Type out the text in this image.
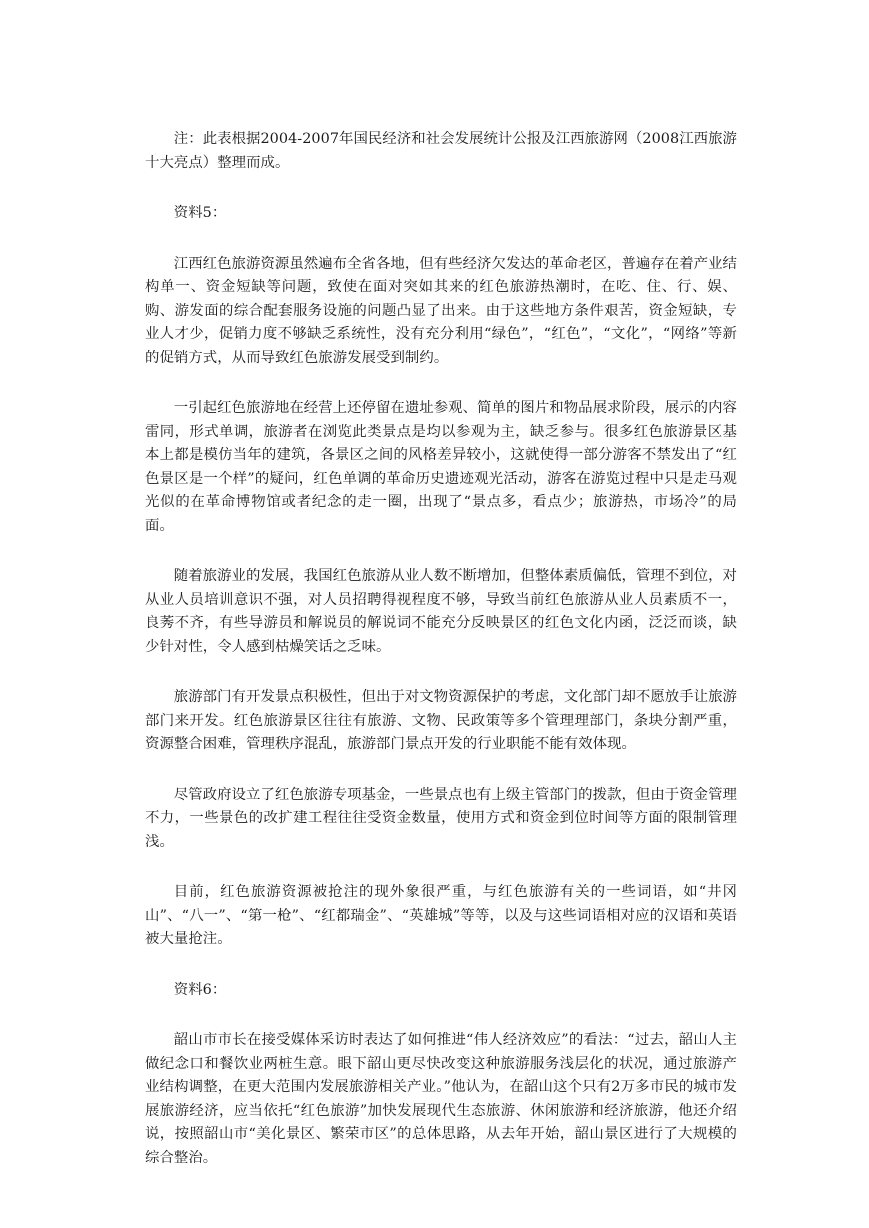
注：此表根据2004-2007年国民经济和社会发展统计公报及江西旅游网（2008江西旅游十大亮点）整理而成。

资料5：

江西红色旅游资源虽然遍布全省各地，但有些经济欠发达的革命老区，普遍存在着产业结构单一、资金短缺等问题，致使在面对突如其来的红色旅游热潮时，在吃、住、行、娱、购、游发面的综合配套服务设施的问题凸显了出来。由于这些地方条件艰苦，资金短缺，专业人才少，促销力度不够缺乏系统性，没有充分利用“绿色”，“红色”，“文化”，“网络”等新的促销方式，从而导致红色旅游发展受到制约。

一引起红色旅游地在经营上还停留在遗址参观、简单的图片和物品展求阶段，展示的内容雷同，形式单调，旅游者在浏览此类景点是均以参观为主，缺乏参与。很多红色旅游景区基本上都是模仿当年的建筑，各景区之间的风格差异较小，这就使得一部分游客不禁发出了“红色景区是一个样”的疑问，红色单调的革命历史遗迹观光活动，游客在游览过程中只是走马观光似的在革命博物馆或者纪念的走一圈，出现了“景点多，看点少；旅游热，市场冷”的局面。

随着旅游业的发展，我国红色旅游从业人数不断增加，但整体素质偏低，管理不到位，对从业人员培训意识不强，对人员招聘得视程度不够，导致当前红色旅游从业人员素质不一，良莠不齐，有些导游员和解说员的解说词不能充分反映景区的红色文化内函，泛泛而谈，缺少针对性，令人感到枯燥笑话之乏味。

旅游部门有开发景点积极性，但出于对文物资源保护的考虑，文化部门却不愿放手让旅游部门来开发。红色旅游景区往往有旅游、文物、民政策等多个管理理部门，条块分割严重，资源整合困难，管理秩序混乱，旅游部门景点开发的行业职能不能有效体现。

尽管政府设立了红色旅游专项基金，一些景点也有上级主管部门的拨款，但由于资金管理不力，一些景色的改扩建工程往往受资金数量，使用方式和资金到位时间等方面的限制管理浅。

目前，红色旅游资源被抢注的现外象很严重，与红色旅游有关的一些词语，如“井冈山”、“八一”、“第一枪”、“红都瑞金”、“英雄城”等等，以及与这些词语相对应的汉语和英语被大量抢注。

资料6：

韶山市市长在接受媒体采访时表达了如何推进“伟人经济效应”的看法：“过去，韶山人主做纪念口和餐饮业两桩生意。眼下韶山更尽快改变这种旅游服务浅层化的状况，通过旅游产业结构调整，在更大范围内发展旅游相关产业。”他认为，在韶山这个只有2万多市民的城市发展旅游经济，应当依托“红色旅游”加快发展现代生态旅游、休闲旅游和经济旅游，他还介绍说，按照韶山市“美化景区、繁荣市区”的总体思路，从去年开始，韶山景区进行了大规模的综合整治。
